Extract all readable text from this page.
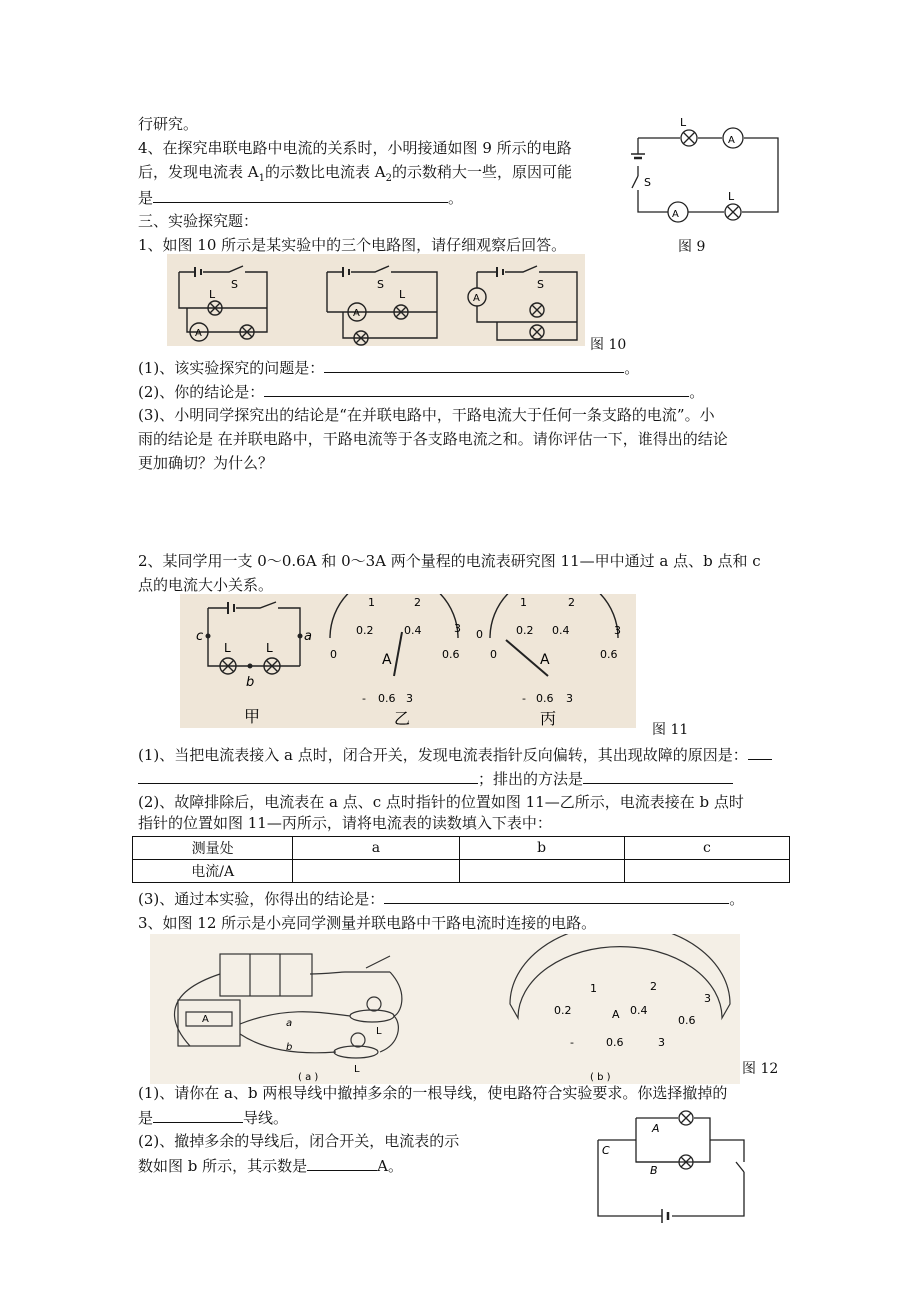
行研究。
4、在探究串联电路中电流的关系时，小明接通如图 9 所示的电路
后，发现电流表 $A_1$的示数比电流表 $A_2$的示数稍大一些，原因可能
是	。
三、实验探究题：
1、如图 10 所示是某实验中的三个电路图，请仔细观察后回答。
(1)、该实验探究的问题是：	。
(2)、你的结论是：	。
(3)、小明同学探究出的结论是“在并联电路中，干路电流大于任何一条支路的电流”。小
雨的结论是 在并联电路中，干路电流等于各支路电流之和。请你评估一下，谁得出的结论
更加确切？为什么？
2、某同学用一支 0～0.6A 和 0～3A 两个量程的电流表研究图 11—甲中通过 a 点、b 点和 c
点的电流大小关系。
(1)、当把电流表接入 a 点时，闭合开关，发现电流表指针反向偏转，其出现故障的原因是：
；排出的方法是
(2)、故障排除后，电流表在 a 点、c 点时指针的位置如图 11—乙所示，电流表接在 b 点时
指针的位置如图 11—丙所示，请将电流表的读数填入下表中：
测量处	a	b	c
电流/A			
(3)、通过本实验，你得出的结论是：	。
3、如图 12 所示是小亮同学测量并联电路中干路电流时连接的电路。
(1)、请你在 a、b 两根导线中撤掉多余的一根导线，使电路符合实验要求。你选择撤掉的
是	导线。
(2)、撤掉多余的导线后，闭合开关，电流表的示
数如图 b 所示，其示数是	A。
图 9
图 10
图 11
图 12
L
A
A
L
S
A
L
S
A
L
S
A
S
c	a
b
L	L	0
0.2
1	2
0.4
0.6
3
A
- 0.6 3
0
0	0.2
1	2
0.4
0.6
3
A
- 0.6 3
甲	乙	丙
a
b
L
L
A
( a )	( b )
0.2	0.4
0.6
1	2
3
A
-	0.6	3
A
B
C
